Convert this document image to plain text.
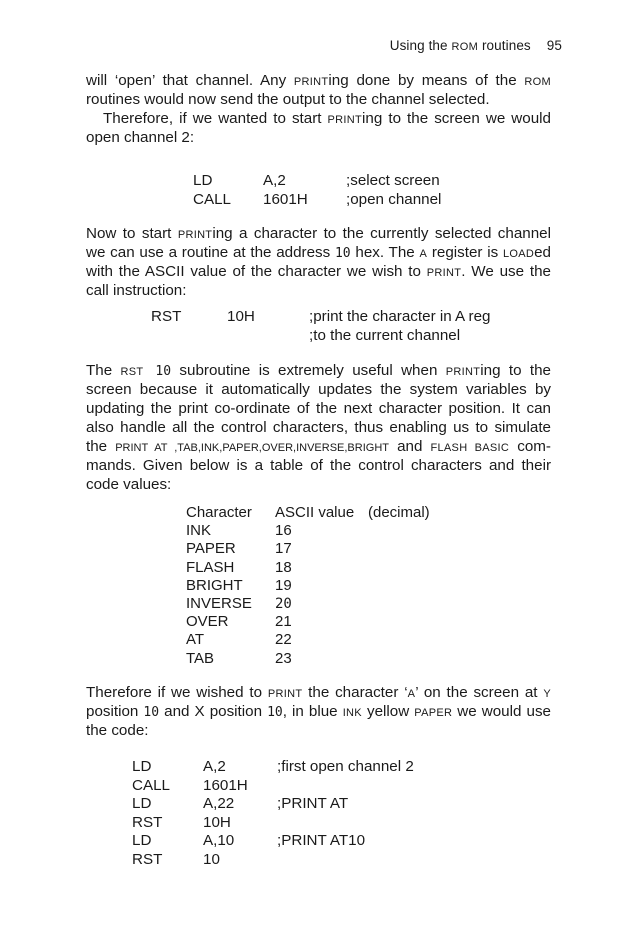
Using the ROM routines 95
will ‘open’ that channel. Any PRINTing done by means of the ROM
routines would now send the output to the channel selected.
Therefore, if we wanted to start PRINTing to the screen we would
open channel 2:
LD	A,2	;select screen
CALL 1601H	;open channel
Now to start PRINTing a character to the currently selected channel
we can use a routine at the address 10 hex. The A register is LOADed
with the ASCII value of the character we wish to PRINT. We use the
call instruction:
RST	10H	;print the character in A reg
;to the current channel
The RST 10 subroutine is extremely useful when PRINTing to the
screen because it automatically updates the system variables by
updating the print co-ordinate of the next character position. It can
also handle all the control characters, thus enabling us to simulate
the PRINT AT ,TAB,INK,PAPER,OVER,INVERSE,BRIGHT and FLASH BASIC com-
mands. Given below is a table of the control characters and their
code values:
Character ASCII value (decimal)
INK	16
PAPER	17
FLASH	18
BRIGHT 19
INVERSE 20
OVER	21
AT	22
TAB	23
Therefore if we wished to PRINT the character ‘A’ on the screen at Y
position 10 and X position 10, in blue INK yellow PAPER we would use
the code:
LD	A,2	;first open channel 2
CALL 1601H
LD	A,22	;PRINT AT
RST	10H
LD	A,10	;PRINT AT10
RST	10
